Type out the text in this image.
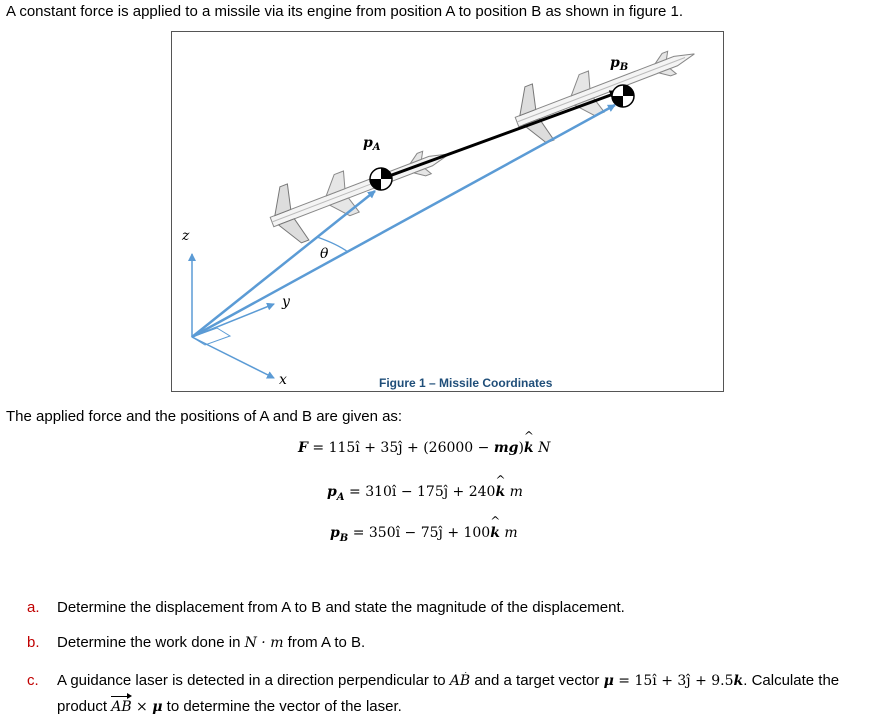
A constant force is applied to a missile via its engine from position A to position B as shown in figure 1.
$p_A$
$p_B$
θ
z
y
x	Figure 1 – Missile Coordinates
The applied force and the positions of A and B are given as:
F = 115î + 35ĵ + (26000 − mg)^ k N
$p_A$ = 310î − 175ĵ + 240^ k m
$p_B$ = 350î − 75ĵ + 100^ k m
a. Determine the displacement from A to B and state the magnitude of the displacement.
b. Determine the work done in N · m from A to B.
c. A guidance laser is detected in a direction perpendicular to AB and a target vector μ = 15î + 3ĵ + 9.5^ k. Calculate the
product AB × μ to determine the vector of the laser.
